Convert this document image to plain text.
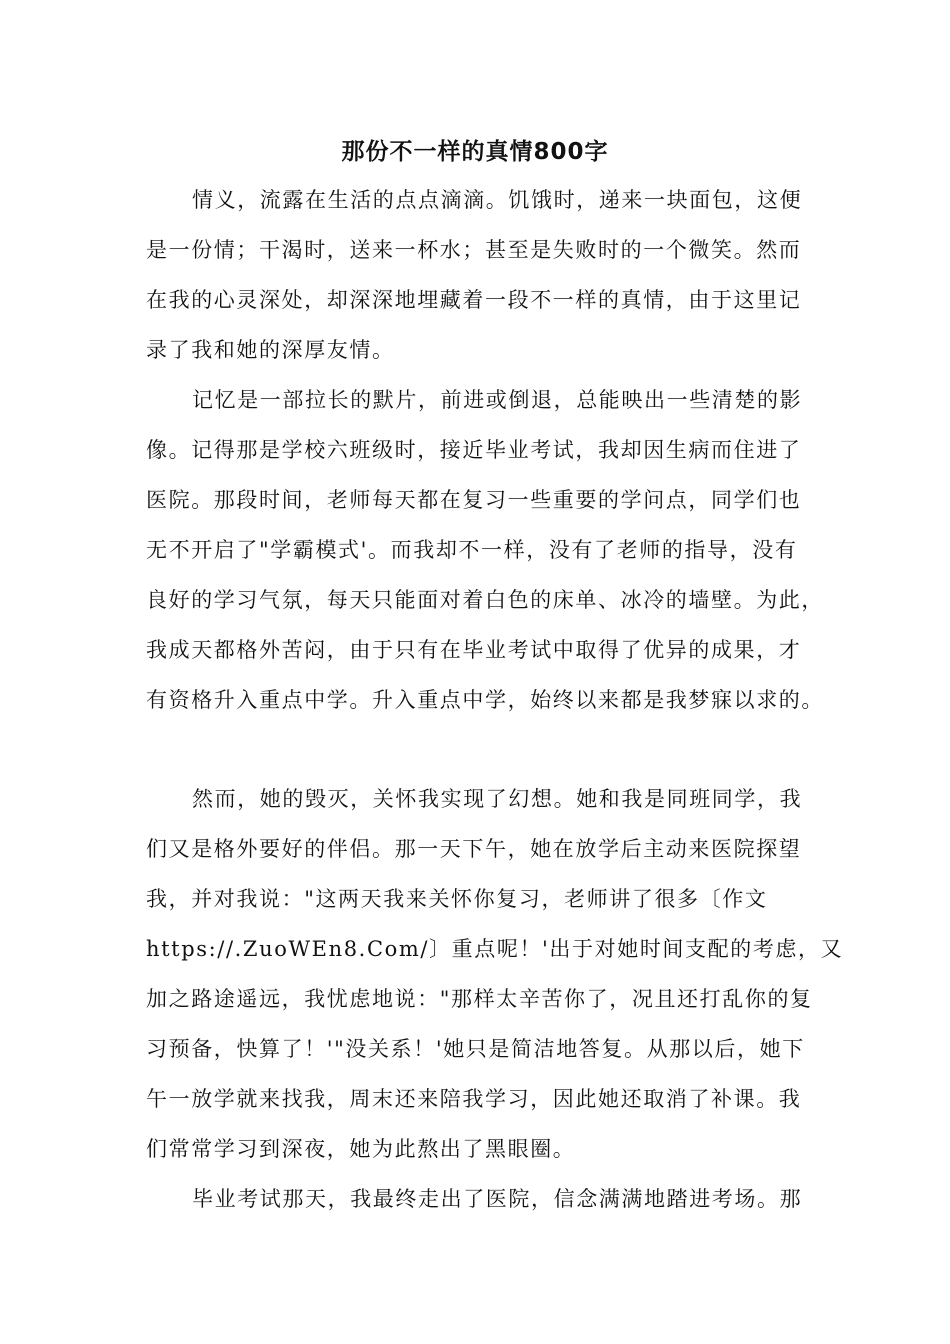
那份不一样的真情800字
情义，流露在生活的点点滴滴。饥饿时，递来一块面包，这便
是一份情；干渴时，送来一杯水；甚至是失败时的一个微笑。然而
在我的心灵深处，却深深地埋藏着一段不一样的真情，由于这里记
录了我和她的深厚友情。
记忆是一部拉长的默片，前进或倒退，总能映出一些清楚的影
像。记得那是学校六班级时，接近毕业考试，我却因生病而住进了
医院。那段时间，老师每天都在复习一些重要的学问点，同学们也
无不开启了"学霸模式'。而我却不一样，没有了老师的指导，没有
良好的学习气氛，每天只能面对着白色的床单、冰冷的墙壁。为此，
我成天都格外苦闷，由于只有在毕业考试中取得了优异的成果，才
有资格升入重点中学。升入重点中学，始终以来都是我梦寐以求的。
然而，她的毁灭，关怀我实现了幻想。她和我是同班同学，我
们又是格外要好的伴侣。那一天下午，她在放学后主动来医院探望
我，并对我说："这两天我来关怀你复习，老师讲了很多〔作文
https://.ZuoWEn8.Com/〕重点呢！'出于对她时间支配的考虑，又
加之路途遥远，我忧虑地说："那样太辛苦你了，况且还打乱你的复
习预备，快算了！'"没关系！'她只是简洁地答复。从那以后，她下
午一放学就来找我，周末还来陪我学习，因此她还取消了补课。我
们常常学习到深夜，她为此熬出了黑眼圈。
毕业考试那天，我最终走出了医院，信念满满地踏进考场。那
